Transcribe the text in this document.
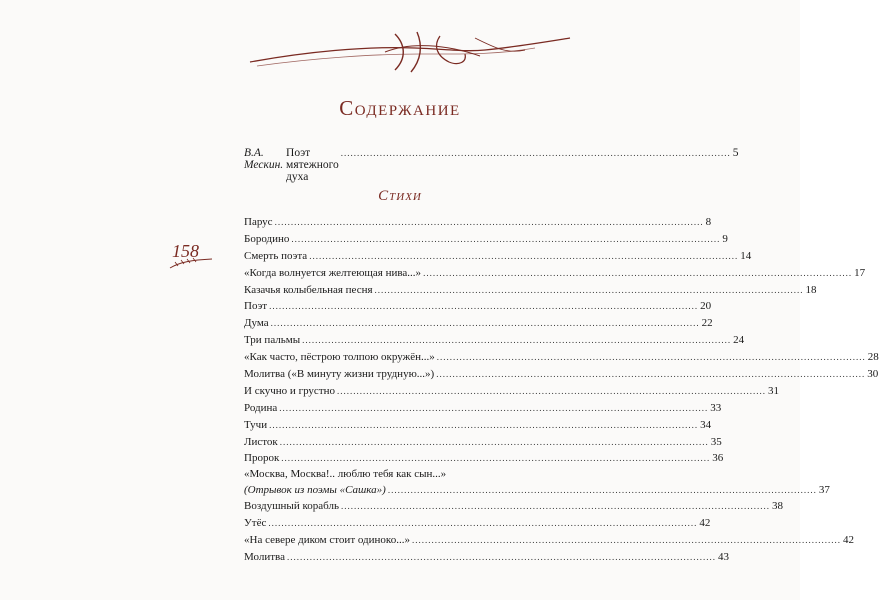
158
Содержание
В.А. Мескин.

Поэт мятежного духа
........................................................................................................................ 5
Стихи
Парус .................................................................................................................................... 8
Бородино .................................................................................................................................... 9
Смерть поэта .................................................................................................................................... 14
«Когда волнуется желтеющая нива...» .................................................................................................................................... 17
Казачья колыбельная песня .................................................................................................................................... 18
Поэт .................................................................................................................................... 20
Дума .................................................................................................................................... 22
Три пальмы .................................................................................................................................... 24
«Как часто, пёстрою толпою окружён...» .................................................................................................................................... 28
Молитва («В минуту жизни трудную...») .................................................................................................................................... 30
И скучно и грустно .................................................................................................................................... 31
Родина .................................................................................................................................... 33
Тучи .................................................................................................................................... 34
Листок .................................................................................................................................... 35
Пророк .................................................................................................................................... 36
«Москва, Москва!.. люблю тебя как сын...»
(Отрывок из поэмы «Сашка») .................................................................................................................................... 37
Воздушный корабль .................................................................................................................................... 38
Утёс .................................................................................................................................... 42
«На севере диком стоит одиноко...» .................................................................................................................................... 42
Молитва .................................................................................................................................... 43
